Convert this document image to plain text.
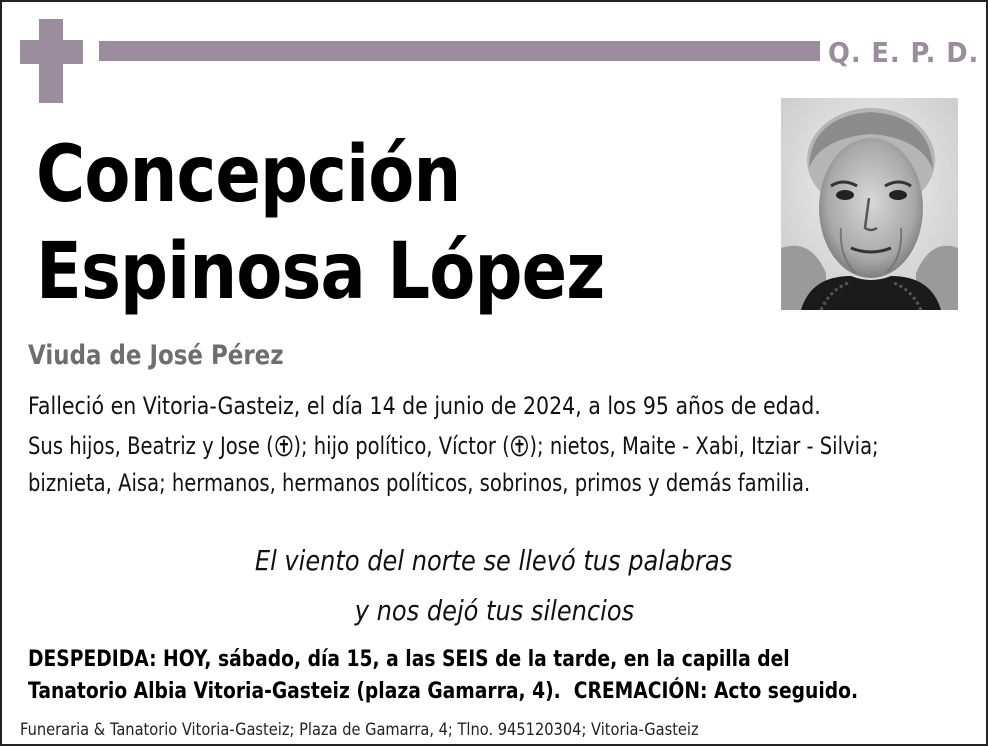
Q. E. P. D.
Concepción
Espinosa López
Viuda de José Pérez
Falleció en Vitoria-Gasteiz, el día 14 de junio de 2024, a los 95 años de edad.
Sus hijos, Beatriz y Jose ( ); hijo político, Víctor ( ); nietos, Maite - Xabi, Itziar - Silvia; biznieta, Aisa; hermanos, hermanos políticos, sobrinos, primos y demás familia.
El viento del norte se llevó tus palabras
y nos dejó tus silencios
DESPEDIDA: HOY, sábado, día 15, a las SEIS de la tarde, en la capilla del
Tanatorio Albia Vitoria-Gasteiz (plaza Gamarra, 4).  CREMACIÓN: Acto seguido.
Funeraria & Tanatorio Vitoria-Gasteiz; Plaza de Gamarra, 4; Tlno. 945120304; Vitoria-Gasteiz
